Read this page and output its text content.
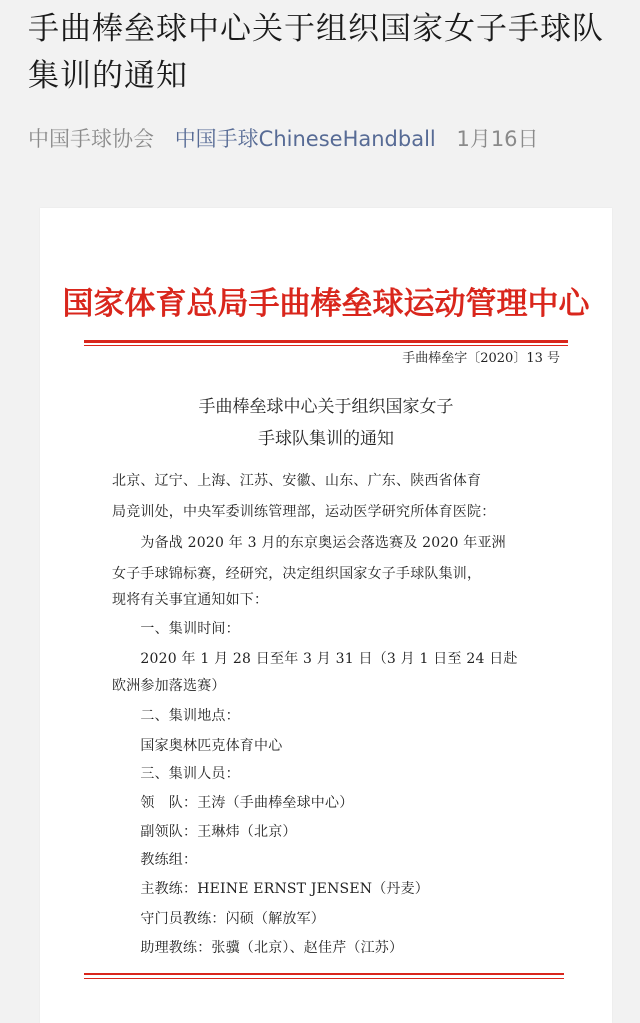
手曲棒垒球中心关于组织国家女子手球队集训的通知
中国手球协会 中国手球ChineseHandball 1月16日
国家体育总局手曲棒垒球运动管理中心
手曲棒垒字〔2020〕13 号
手曲棒垒球中心关于组织国家女子
手球队集训的通知
北京、辽宁、上海、江苏、安徽、山东、广东、陕西省体育
局竞训处，中央军委训练管理部，运动医学研究所体育医院：
　　为备战 2020 年 3 月的东京奥运会落选赛及 2020 年亚洲
女子手球锦标赛，经研究，决定组织国家女子手球队集训，
现将有关事宜通知如下：
　　一、集训时间：
　　2020 年 1 月 28 日至年 3 月 31 日（3 月 1 日至 24 日赴
欧洲参加落选赛）
　　二、集训地点：
　　国家奥林匹克体育中心
　　三、集训人员：
　　领　队：王涛（手曲棒垒球中心）
　　副领队：王琳炜（北京）
　　教练组：
　　主教练：HEINE ERNST JENSEN（丹麦）
　　守门员教练：闪硕（解放军）
　　助理教练：张骥（北京）、赵佳芹（江苏）
